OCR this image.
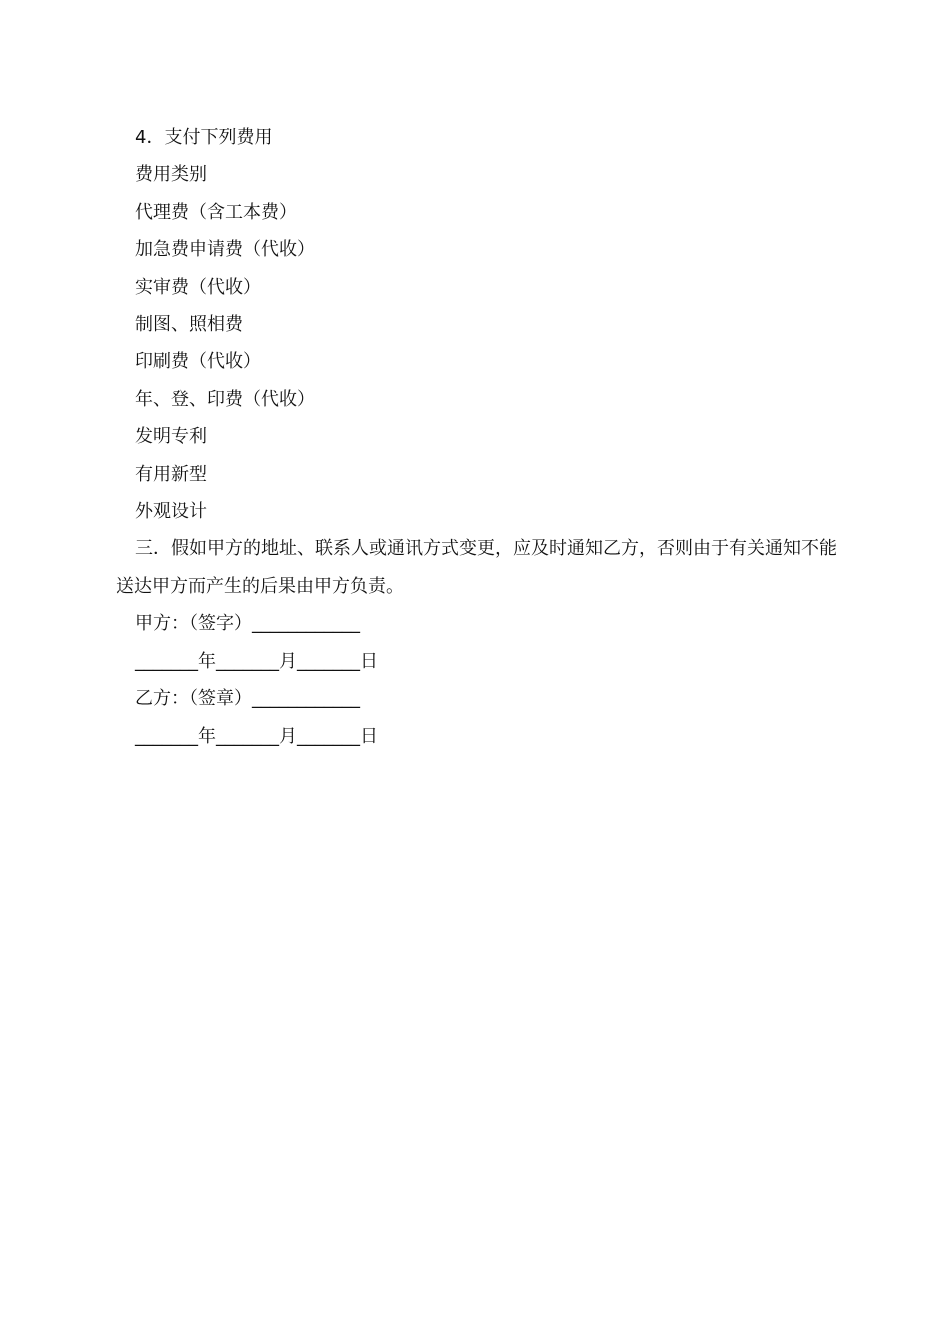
4．支付下列费用

费用类别

代理费（含工本费）

加急费申请费（代收）

实审费（代收）

制图、照相费

印刷费（代收）

年、登、印费（代收）

发明专利

有用新型

外观设计

三．假如甲方的地址、联系人或通讯方式变更，应及时通知乙方，否则由于有关通知不能送达甲方而产生的后果由甲方负责。

甲方：（签字）____________

_______年_______月_______日

乙方：（签章）____________

_______年_______月_______日
